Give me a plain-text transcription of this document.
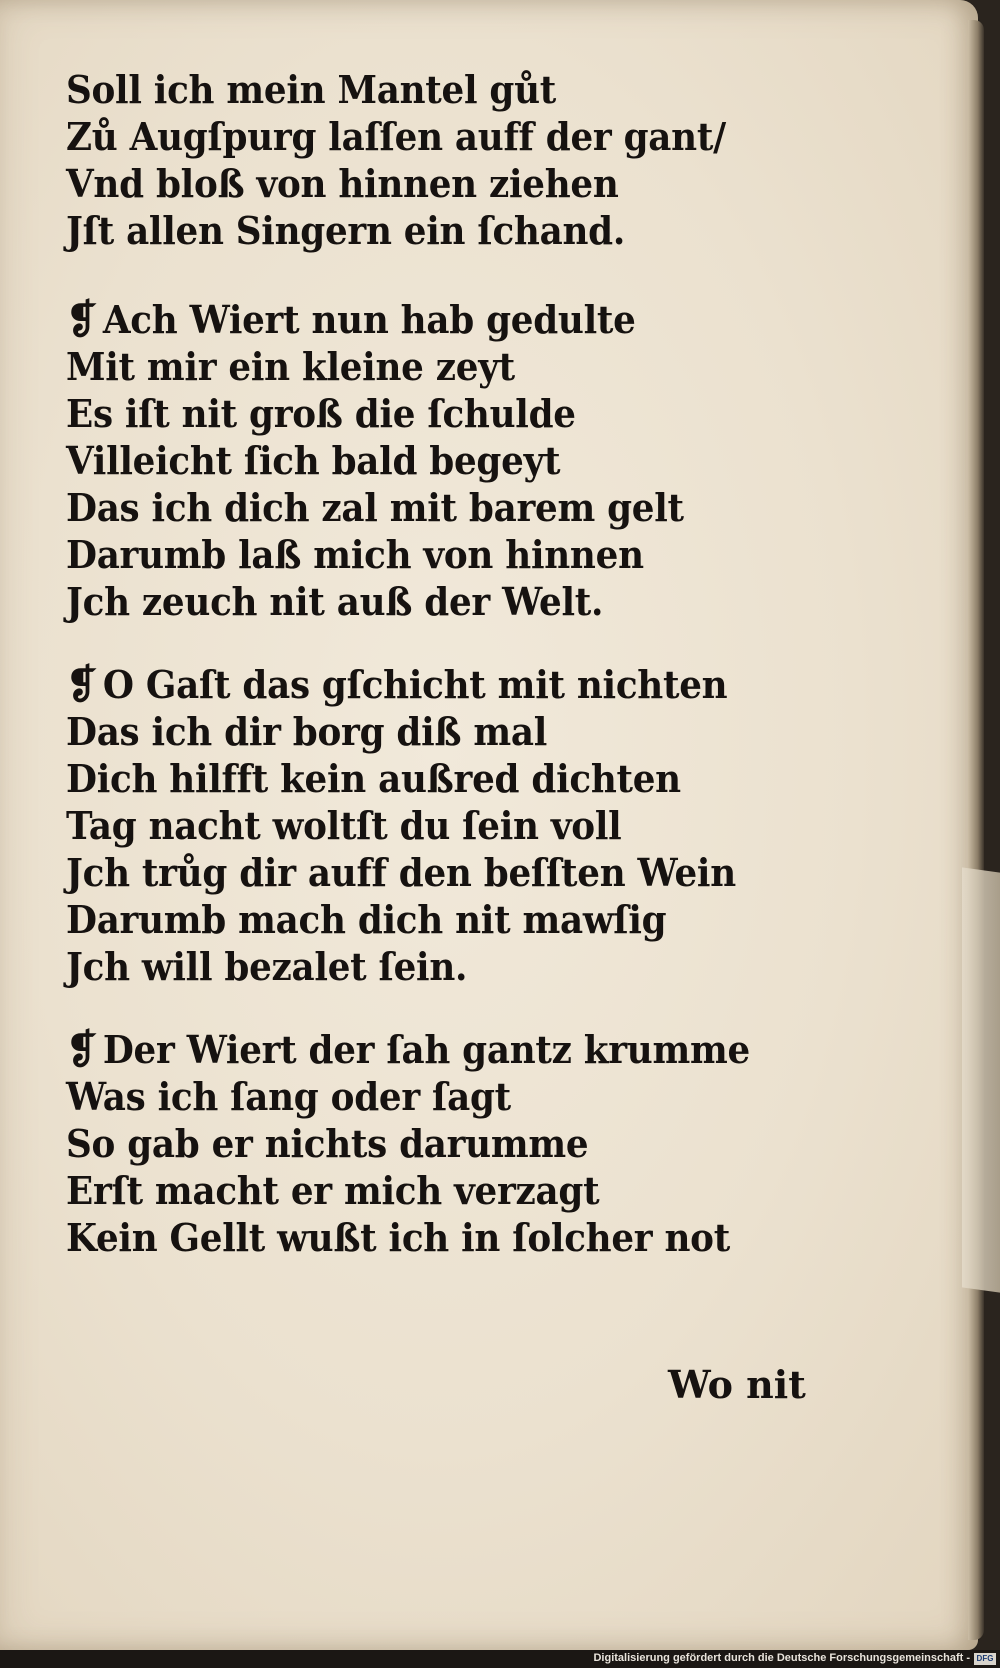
Soll ich mein Mantel gůt
Zů Augſpurg laſſen auff der gant/
Vnd bloß von hinnen ziehen
Jſt allen Singern ein ſchand.
❡ Ach Wiert nun hab gedulte
Mit mir ein kleine zeyt
Es iſt nit groß die ſchulde
Villeicht ſich bald begeyt
Das ich dich zal mit barem gelt
Darumb laß mich von hinnen
Jch zeuch nit auß der Welt.
❡ O Gaſt das gſchicht mit nichten
Das ich dir borg diß mal
Dich hilfft kein außred dichten
Tag nacht woltſt du ſein voll
Jch trůg dir auff den beſſten Wein
Darumb mach dich nit mawſig
Jch will bezalet ſein.
❡ Der Wiert der ſah gantz krumme
Was ich ſang oder ſagt
So gab er nichts darumme
Erſt macht er mich verzagt
Kein Gellt wußt ich in ſolcher not
Wo nit
Digitalisierung gefördert durch die Deutsche Forschungsgemeinschaft - DFG
